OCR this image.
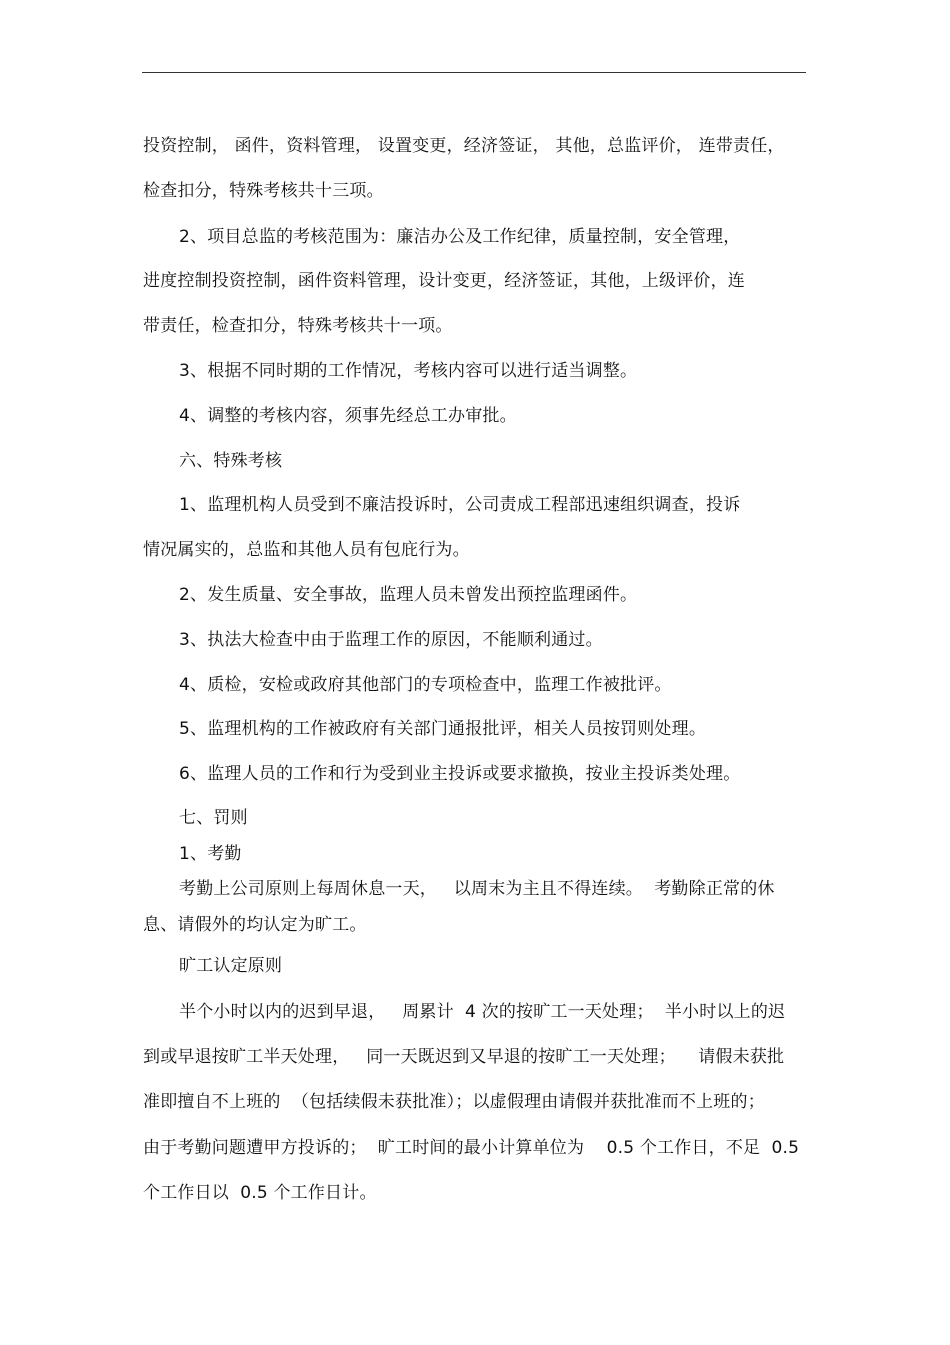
投资控制， 函件，资料管理， 设置变更，经济签证， 其他，总监评价， 连带责任，
检查扣分，特殊考核共十三项。
2、项目总监的考核范围为：廉洁办公及工作纪律，质量控制，安全管理，
进度控制投资控制，函件资料管理，设计变更，经济签证，其他，上级评价，连
带责任，检查扣分，特殊考核共十一项。
3、根据不同时期的工作情况，考核内容可以进行适当调整。
4、调整的考核内容，须事先经总工办审批。
六、特殊考核
1、监理机构人员受到不廉洁投诉时，公司责成工程部迅速组织调查，投诉
情况属实的，总监和其他人员有包庇行为。
2、发生质量、安全事故，监理人员未曾发出预控监理函件。
3、执法大检查中由于监理工作的原因，不能顺利通过。
4、质检，安检或政府其他部门的专项检查中，监理工作被批评。
5、监理机构的工作被政府有关部门通报批评，相关人员按罚则处理。
6、监理人员的工作和行为受到业主投诉或要求撤换，按业主投诉类处理。
七、罚则
1、考勤
考勤上公司原则上每周休息一天，   以周末为主且不得连续。  考勤除正常的休
息、请假外的均认定为旷工。
旷工认定原则
半个小时以内的迟到早退，   周累计  4 次的按旷工一天处理；  半小时以上的迟
到或早退按旷工半天处理，   同一天既迟到又早退的按旷工一天处理；    请假未获批
准即擅自不上班的  （包括续假未获批准）；以虚假理由请假并获批准而不上班的；
由于考勤问题遭甲方投诉的；  旷工时间的最小计算单位为    0.5 个工作日，不足  0.5
个工作日以  0.5 个工作日计。
